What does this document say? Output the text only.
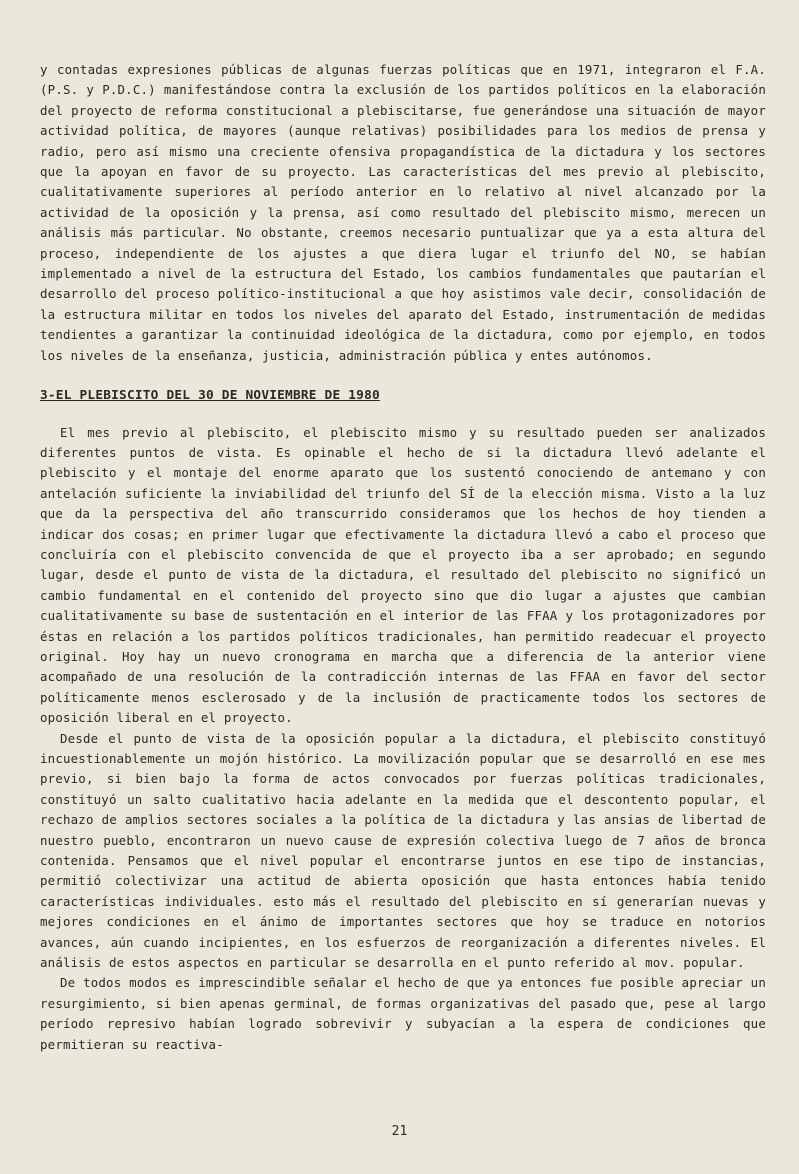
y contadas expresiones públicas de algunas fuerzas políticas que en 1971, integraron el F.A. (P.S. y P.D.C.) manifestándose contra la exclusión de los partidos políticos en la elaboración del proyecto de reforma constitucional a plebiscitarse, fue generándose una situación de mayor actividad política, de mayores (aunque relativas) posibilidades para los medios de prensa y radio, pero así mismo una creciente ofensiva propagandística de la dictadura y los sectores que la apoyan en favor de su proyecto. Las características del mes previo al plebiscito, cualitativamente superiores al período anterior en lo relativo al nivel alcanzado por la actividad de la oposición y la prensa, así como resultado del plebiscito mismo, merecen un análisis más particular. No obstante, creemos necesario puntualizar que ya a esta altura del proceso, independiente de los ajustes a que diera lugar el triunfo del NO, se habían implementado a nivel de la estructura del Estado, los cambios fundamentales que pautarían el desarrollo del proceso político-institucional a que hoy asistimos vale decir, consolidación de la estructura militar en todos los niveles del aparato del Estado, instrumentación de medidas tendientes a garantizar la continuidad ideológica de la dictadura, como por ejemplo, en todos los niveles de la enseñanza, justicia, administración pública y entes autónomos.

3-EL PLEBISCITO DEL 30 DE NOVIEMBRE DE 1980

El mes previo al plebiscito, el plebiscito mismo y su resultado pueden ser analizados diferentes puntos de vista. Es opinable el hecho de si la dictadura llevó adelante el plebiscito y el montaje del enorme aparato que los sustentó conociendo de antemano y con antelación suficiente la inviabilidad del triunfo del SÍ de la elección misma. Visto a la luz que da la perspectiva del año transcurrido consideramos que los hechos de hoy tienden a indicar dos cosas; en primer lugar que efectivamente la dictadura llevó a cabo el proceso que concluiría con el plebiscito convencida de que el proyecto iba a ser aprobado; en segundo lugar, desde el punto de vista de la dictadura, el resultado del plebiscito no significó un cambio fundamental en el contenido del proyecto sino que dio lugar a ajustes que cambian cualitativamente su base de sustentación en el interior de las FFAA y los protagonizadores por éstas en relación a los partidos políticos tradicionales, han permitido readecuar el proyecto original. Hoy hay un nuevo cronograma en marcha que a diferencia de la anterior viene acompañado de una resolución de la contradicción internas de las FFAA en favor del sector políticamente menos esclerosado y de la inclusión de practicamente todos los sectores de oposición liberal en el proyecto.

Desde el punto de vista de la oposición popular a la dictadura, el plebiscito constituyó incuestionablemente un mojón histórico. La movilización popular que se desarrolló en ese mes previo, si bien bajo la forma de actos convocados por fuerzas políticas tradicionales, constituyó un salto cualitativo hacia adelante en la medida que el descontento popular, el rechazo de amplios sectores sociales a la política de la dictadura y las ansias de libertad de nuestro pueblo, encontraron un nuevo cause de expresión colectiva luego de 7 años de bronca contenida. Pensamos que el nivel popular el encontrarse juntos en ese tipo de instancias, permitió colectivizar una actitud de abierta oposición que hasta entonces había tenido características individuales. esto más el resultado del plebiscito en sí generarían nuevas y mejores condiciones en el ánimo de importantes sectores que hoy se traduce en notorios avances, aún cuando incipientes, en los esfuerzos de reorganización a diferentes niveles. El análisis de estos aspectos en particular se desarrolla en el punto referido al mov. popular.

De todos modos es imprescindible señalar el hecho de que ya entonces fue posible apreciar un resurgimiento, si bien apenas germinal, de formas organizativas del pasado que, pese al largo período represivo habían logrado sobrevivir y subyacían a la espera de condiciones que permitieran su reactiva-

21
